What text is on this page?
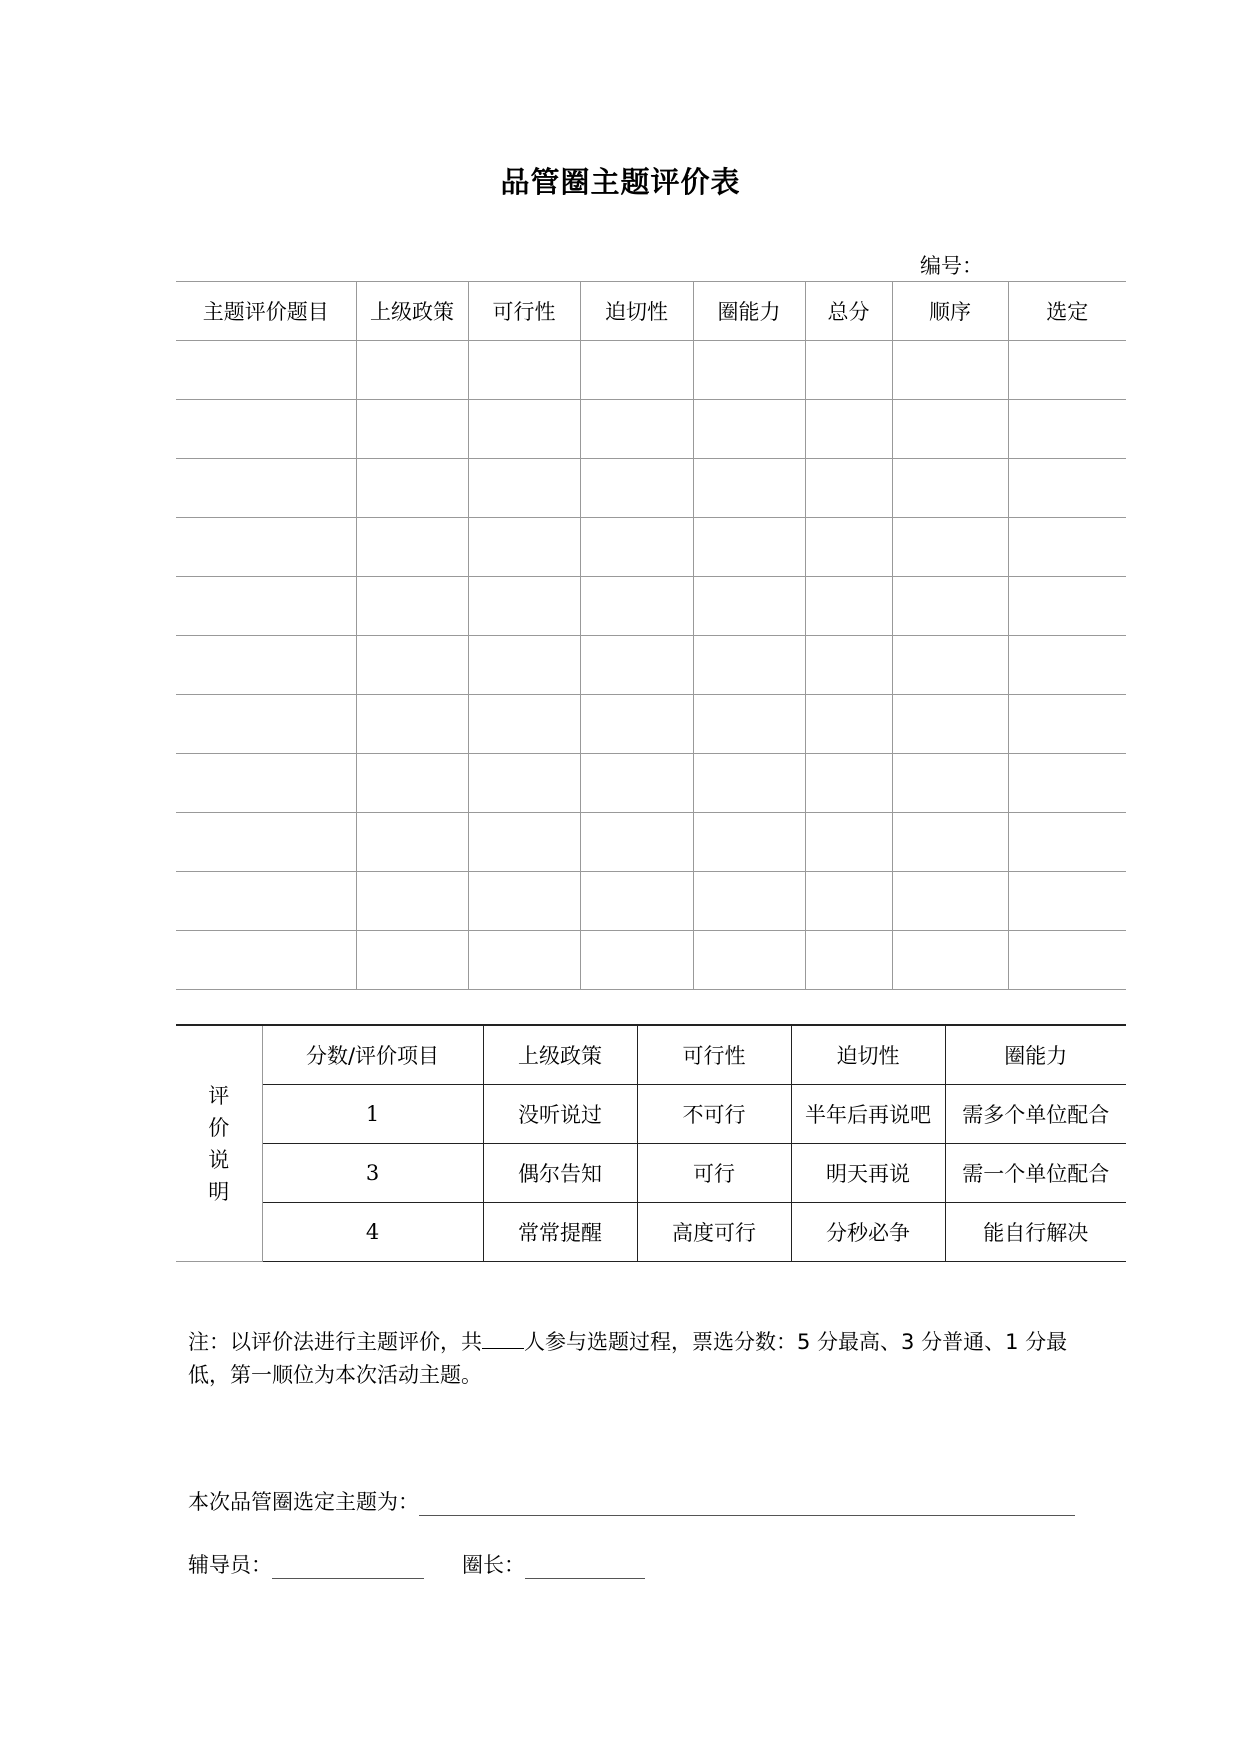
品管圈主题评价表
编号：
主题评价题目	上级政策	可行性	迫切性	圈能力	总分	顺序	选定

评
价
说
明	分数/评价项目	上级政策	可行性	迫切性	圈能力
	1	没听说过	不可行	半年后再说吧	需多个单位配合
	3	偶尔告知	可行	明天再说	需一个单位配合
	4	常常提醒	高度可行	分秒必争	能自行解决
注：以评价法进行主题评价，共 人参与选题过程，票选分数：5 分最高、3 分普通、1 分最低，第一顺位为本次活动主题。
本次品管圈选定主题为：
辅导员：	圈长：
